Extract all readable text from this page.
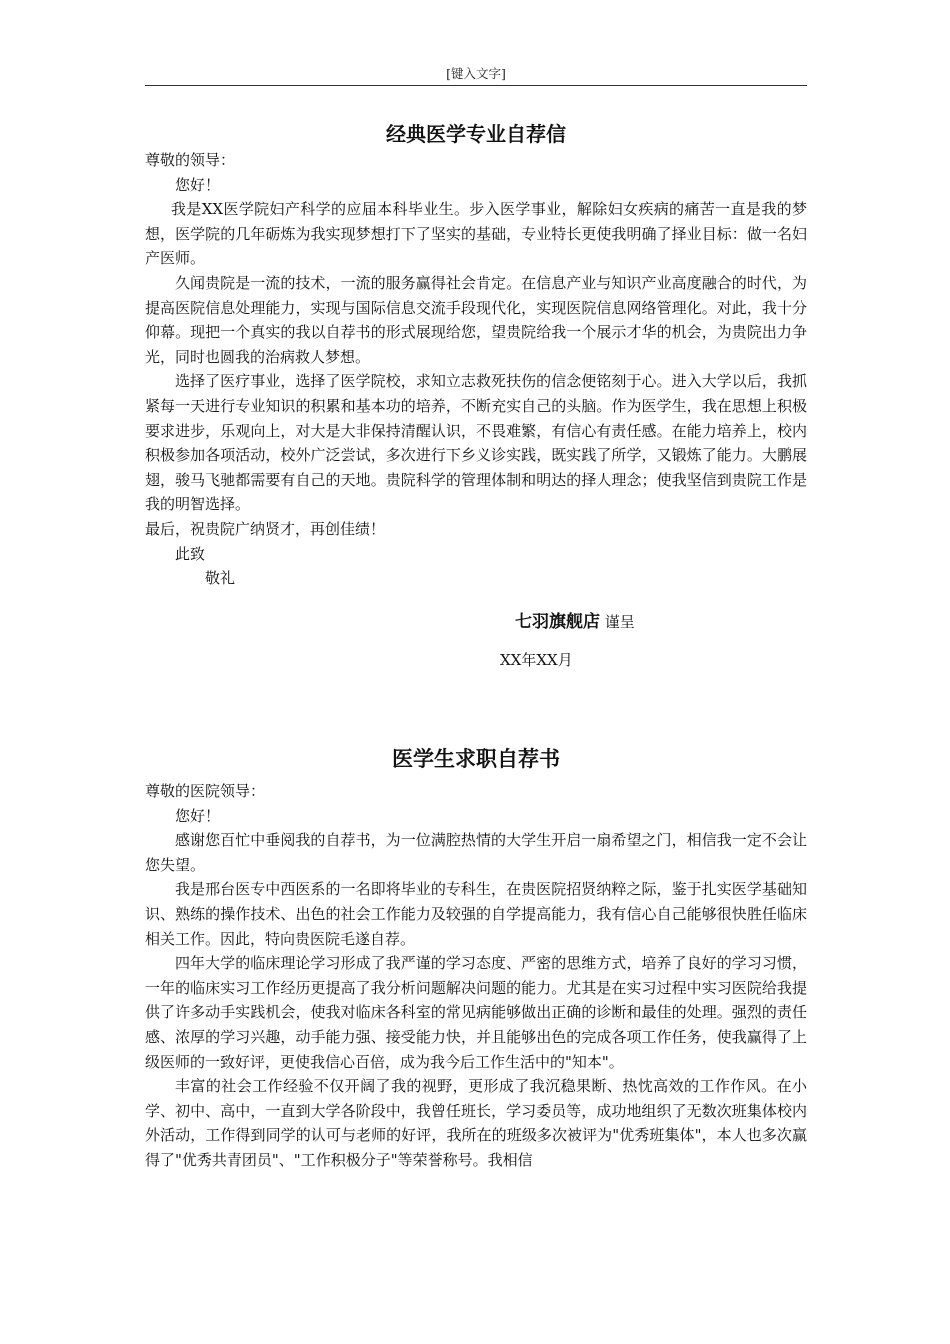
[键入文字]
经典医学专业自荐信

尊敬的领导：

您好！

我是XX医学院妇产科学的应届本科毕业生。步入医学事业，解除妇女疾病的痛苦一直是我的梦想，医学院的几年砺炼为我实现梦想打下了坚实的基础，专业特长更使我明确了择业目标：做一名妇产医师。

久闻贵院是一流的技术，一流的服务赢得社会肯定。在信息产业与知识产业高度融合的时代，为提高医院信息处理能力，实现与国际信息交流手段现代化，实现医院信息网络管理化。对此，我十分仰幕。现把一个真实的我以自荐书的形式展现给您，望贵院给我一个展示才华的机会，为贵院出力争光，同时也圆我的治病救人梦想。

选择了医疗事业，选择了医学院校，求知立志救死扶伤的信念便铭刻于心。进入大学以后，我抓紧每一天进行专业知识的积累和基本功的培养，不断充实自己的头脑。作为医学生，我在思想上积极要求进步，乐观向上，对大是大非保持清醒认识，不畏难繁，有信心有责任感。在能力培养上，校内积极参加各项活动，校外广泛尝试，多次进行下乡义诊实践，既实践了所学，又锻炼了能力。大鹏展翅，骏马飞驰都需要有自己的天地。贵院科学的管理体制和明达的择人理念；使我坚信到贵院工作是我的明智选择。

最后，祝贵院广纳贤才，再创佳绩！

此致

敬礼

七羽旗舰店 谨呈
XX年XX月
医学生求职自荐书

尊敬的医院领导：

您好！

感谢您百忙中垂阅我的自荐书，为一位满腔热情的大学生开启一扇希望之门，相信我一定不会让您失望。

我是邢台医专中西医系的一名即将毕业的专科生，在贵医院招贤纳粹之际，鉴于扎实医学基础知识、熟练的操作技术、出色的社会工作能力及较强的自学提高能力，我有信心自己能够很快胜任临床相关工作。因此，特向贵医院毛遂自荐。

四年大学的临床理论学习形成了我严谨的学习态度、严密的思维方式，培养了良好的学习习惯，一年的临床实习工作经历更提高了我分析问题解决问题的能力。尤其是在实习过程中实习医院给我提供了许多动手实践机会，使我对临床各科室的常见病能够做出正确的诊断和最佳的处理。强烈的责任感、浓厚的学习兴趣，动手能力强、接受能力快，并且能够出色的完成各项工作任务，使我赢得了上级医师的一致好评，更使我信心百倍，成为我今后工作生活中的"知本"。

丰富的社会工作经验不仅开阔了我的视野，更形成了我沉稳果断、热忱高效的工作作风。在小学、初中、高中，一直到大学各阶段中，我曾任班长，学习委员等，成功地组织了无数次班集体校内外活动，工作得到同学的认可与老师的好评，我所在的班级多次被评为"优秀班集体"，本人也多次赢得了"优秀共青团员"、"工作积极分子"等荣誉称号。我相信
